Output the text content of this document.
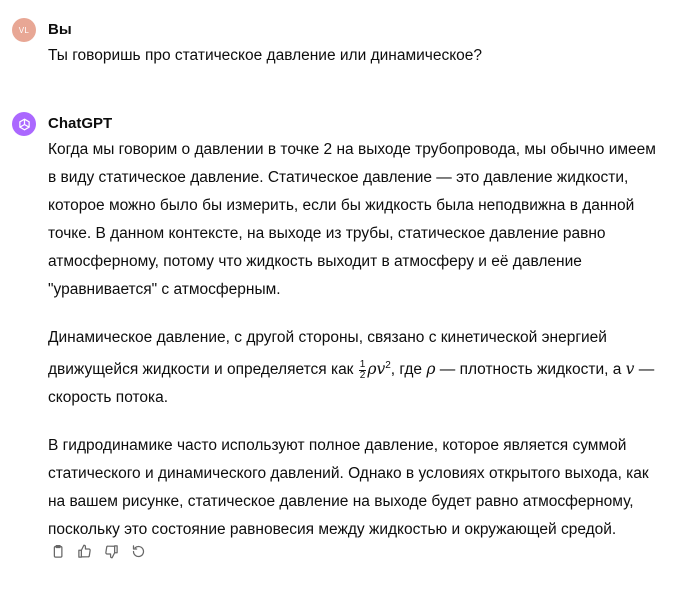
VL Вы
Ты говоришь про статическое давление или динамическое?
ChatGPT

Когда мы говорим о давлении в точке 2 на выходе трубопровода, мы обычно имеем в виду статическое давление. Статическое давление — это давление жидкости, которое можно было бы измерить, если бы жидкость была неподвижна в данной точке. В данном контексте, на выходе из трубы, статическое давление равно атмосферному, потому что жидкость выходит в атмосферу и её давление "уравнивается" с атмосферным.

Динамическое давление, с другой стороны, связано с кинетической энергией движущейся жидкости и определяется как $\frac{1}{2} \rho v^2$, где ρ — плотность жидкости, а v — скорость потока.

В гидродинамике часто используют полное давление, которое является суммой статического и динамического давлений. Однако в условиях открытого выхода, как на вашем рисунке, статическое давление на выходе будет равно атмосферному, поскольку это состояние равновесия между жидкостью и окружающей средой.
